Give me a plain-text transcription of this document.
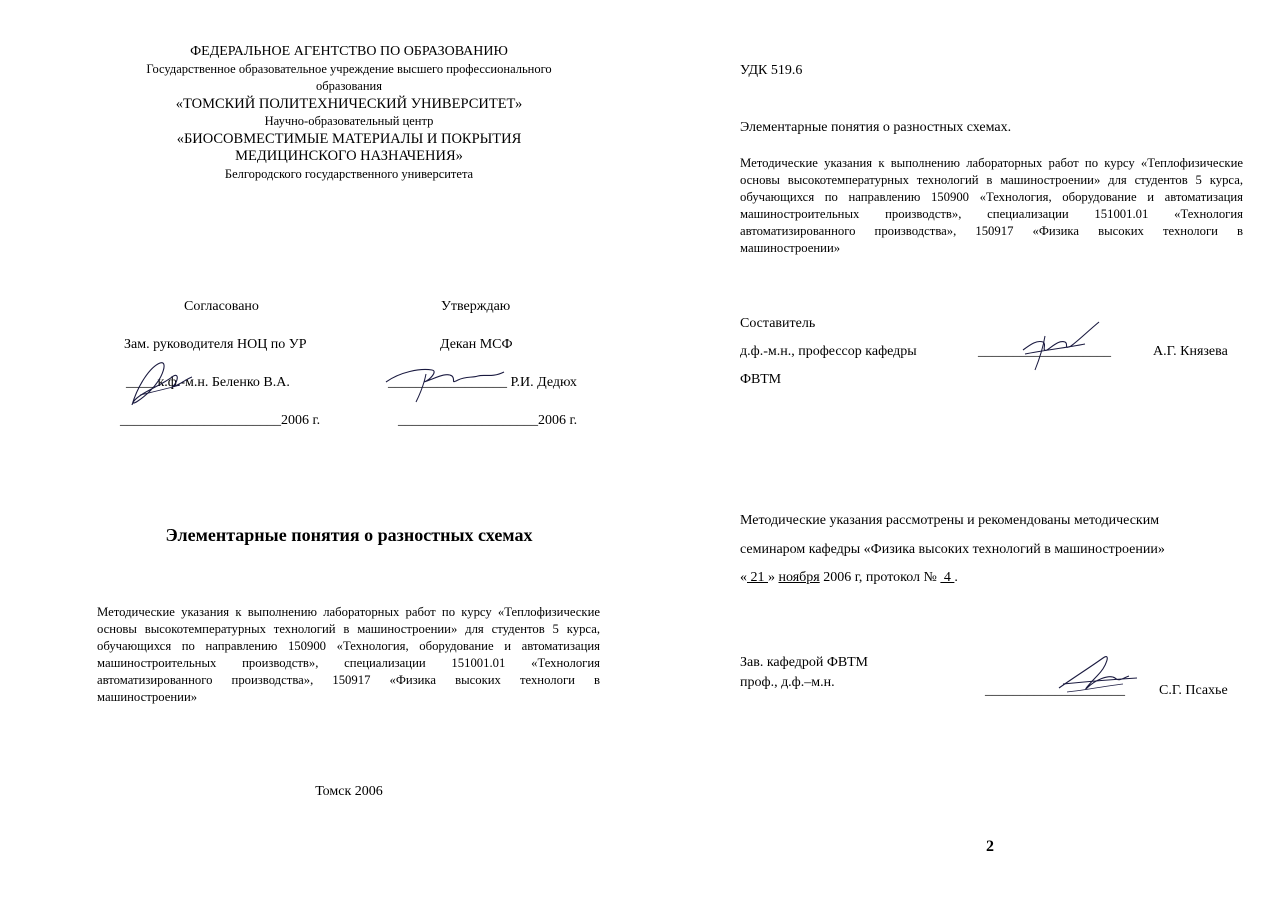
ФЕДЕРАЛЬНОЕ АГЕНТСТВО ПО ОБРАЗОВАНИЮ
Государственное образовательное учреждение высшего профессионального
образования
«ТОМСКИЙ ПОЛИТЕХНИЧЕСКИЙ УНИВЕРСИТЕТ»
Научно-образовательный центр
«БИОСОВМЕСТИМЫЕ МАТЕРИАЛЫ И ПОКРЫТИЯ
МЕДИЦИНСКОГО НАЗНАЧЕНИЯ»
Белгородского государственного университета
Согласовано	Утверждаю
Зам. руководителя НОЦ по УР	Декан МСФ
____ к.ф.-м.н. Беленко В.А.	_________________ Р.И. Дедюх
_______________________2006 г.	____________________2006 г.
Элементарные понятия о разностных схемах
Методические указания к выполнению лабораторных работ по курсу «Теплофизические основы высокотемпературных технологий в машиностроении» для студентов 5 курса, обучающихся по направлению 150900 «Технология, оборудование и автоматизация машиностроительных производств», специализации 151001.01 «Технология автоматизированного производства», 150917 «Физика высоких технологи в машиностроении»
Томск 2006
УДК 519.6
Элементарные понятия о разностных схемах.
Методические указания к выполнению лабораторных работ по курсу «Теплофизические основы высокотемпературных технологий в машиностроении» для студентов 5 курса, обучающихся по направлению 150900 «Технология, оборудование и автоматизация машиностроительных производств», специализации 151001.01 «Технология автоматизированного производства», 150917 «Физика высоких технологи в машиностроении»
Составитель
д.ф.-м.н., профессор кафедры
ФВТМ
___________________	А.Г. Князева
Методические указания рассмотрены и рекомендованы методическим
семинаром кафедры «Физика высоких технологий в машиностроении»
« 21 » ноября 2006 г, протокол №  4 .
Зав. кафедрой ФВТМ
проф., д.ф.–м.н.
____________________ С.Г. Псахье
2
